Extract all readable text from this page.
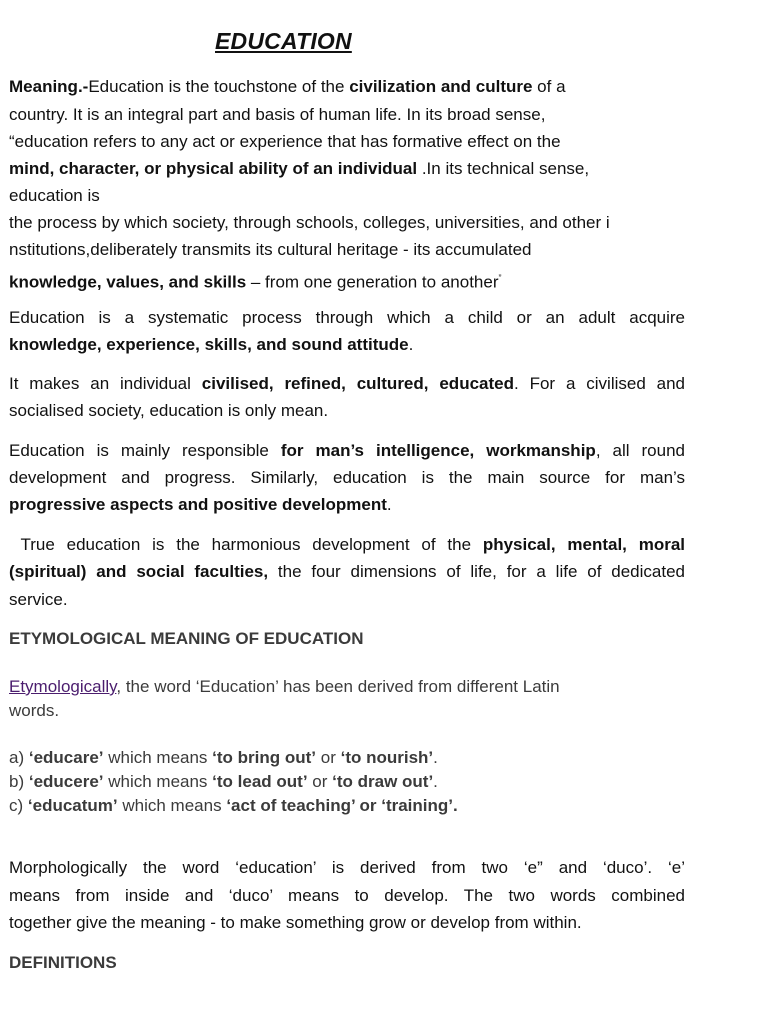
EDUCATION
Meaning.-Education is the touchstone of the civilization and culture of a
country. It is an integral part and basis of human life. In its broad sense,
“education refers to any act or experience that has formative effect on the
mind, character, or physical ability of an individual .In its technical sense,
education is
the process by which society, through schools, colleges, universities, and other i
nstitutions,deliberately transmits its cultural heritage - its accumulated
knowledge, values, and skills – from one generation to another”
Education is a systematic process through which a child or an adult acquire
knowledge, experience, skills, and sound attitude.
It makes an individual civilised, refined, cultured, educated. For a civilised and
socialised society, education is only mean.
Education is mainly responsible for man’s intelligence, workmanship, all round
development and progress. Similarly, education is the main source for man’s
progressive aspects and positive development.
True education is the harmonious development of the physical, mental, moral
(spiritual) and social faculties, the four dimensions of life, for a life of dedicated
service.
ETYMOLOGICAL MEANING OF EDUCATION
Etymologically, the word ‘Education’ has been derived from different Latin
words.
a) ‘educare’ which means ‘to bring out’ or ‘to nourish’.
b) ‘educere’ which means ‘to lead out’ or ‘to draw out’.
c) ‘educatum’ which means ‘act of teaching’ or ‘training’.
Morphologically the word ‘education’ is derived from two ‘e” and ‘duco’. ‘e’
means from inside and ‘duco’ means to develop. The two words combined
together give the meaning - to make something grow or develop from within.
DEFINITIONS
